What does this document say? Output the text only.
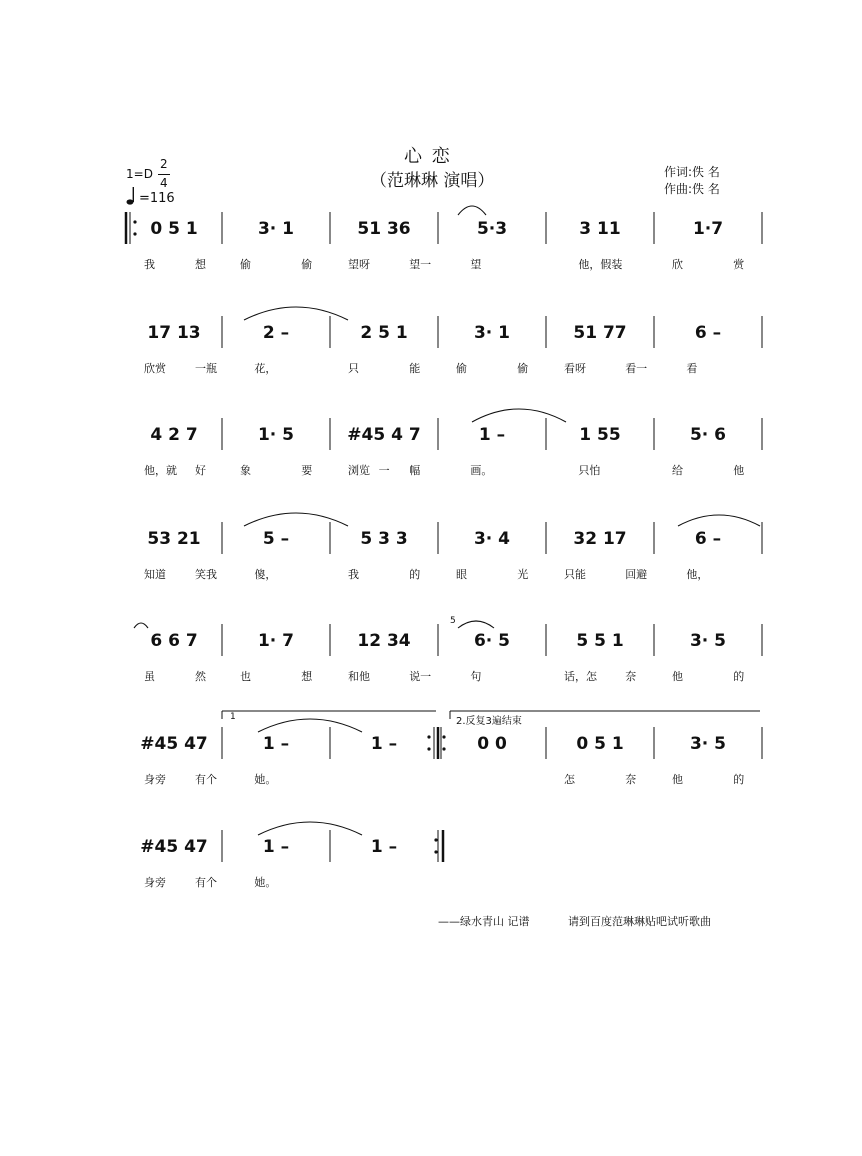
心 恋
（范琳琳 演唱）
1=D
2
4
=116
作词:佚 名
作曲:佚 名
0 5 1
我	想
3· 1
偷	偷
51 36
望呀	望一
5·3
望
3 11
他，假装
1·7
欣	赏
17 13
欣赏	一瓶
2 –
花，
2 5 1
只	能
3· 1
偷	偷
51 77
看呀	看一
6 –
看
4 2 7
他，就 好
1· 5
象	要
#45 4 7
浏览 一 幅
1 –
画。
1 55
只怕
5· 6
给	他
53 21
知道	笑我
5 –
傻，
5 3 3
我	的
3· 4
眼	光
32 17
只能	回避
6 –
他，
6 6 7
虽	然
1· 7
也	想
12 34
和他	说一
6· 5
5
句
5 5 1
话，怎	奈
3· 5
他	的
#45 47
身旁	有个
1 –
她。
1 –	0 0	0 5 1
怎	奈
3· 5
他	的
1	2.反复3遍结束
#45 47
身旁	有个
1 –
她。
1 –
——绿水青山 记谱	请到百度范琳琳贴吧试听歌曲
